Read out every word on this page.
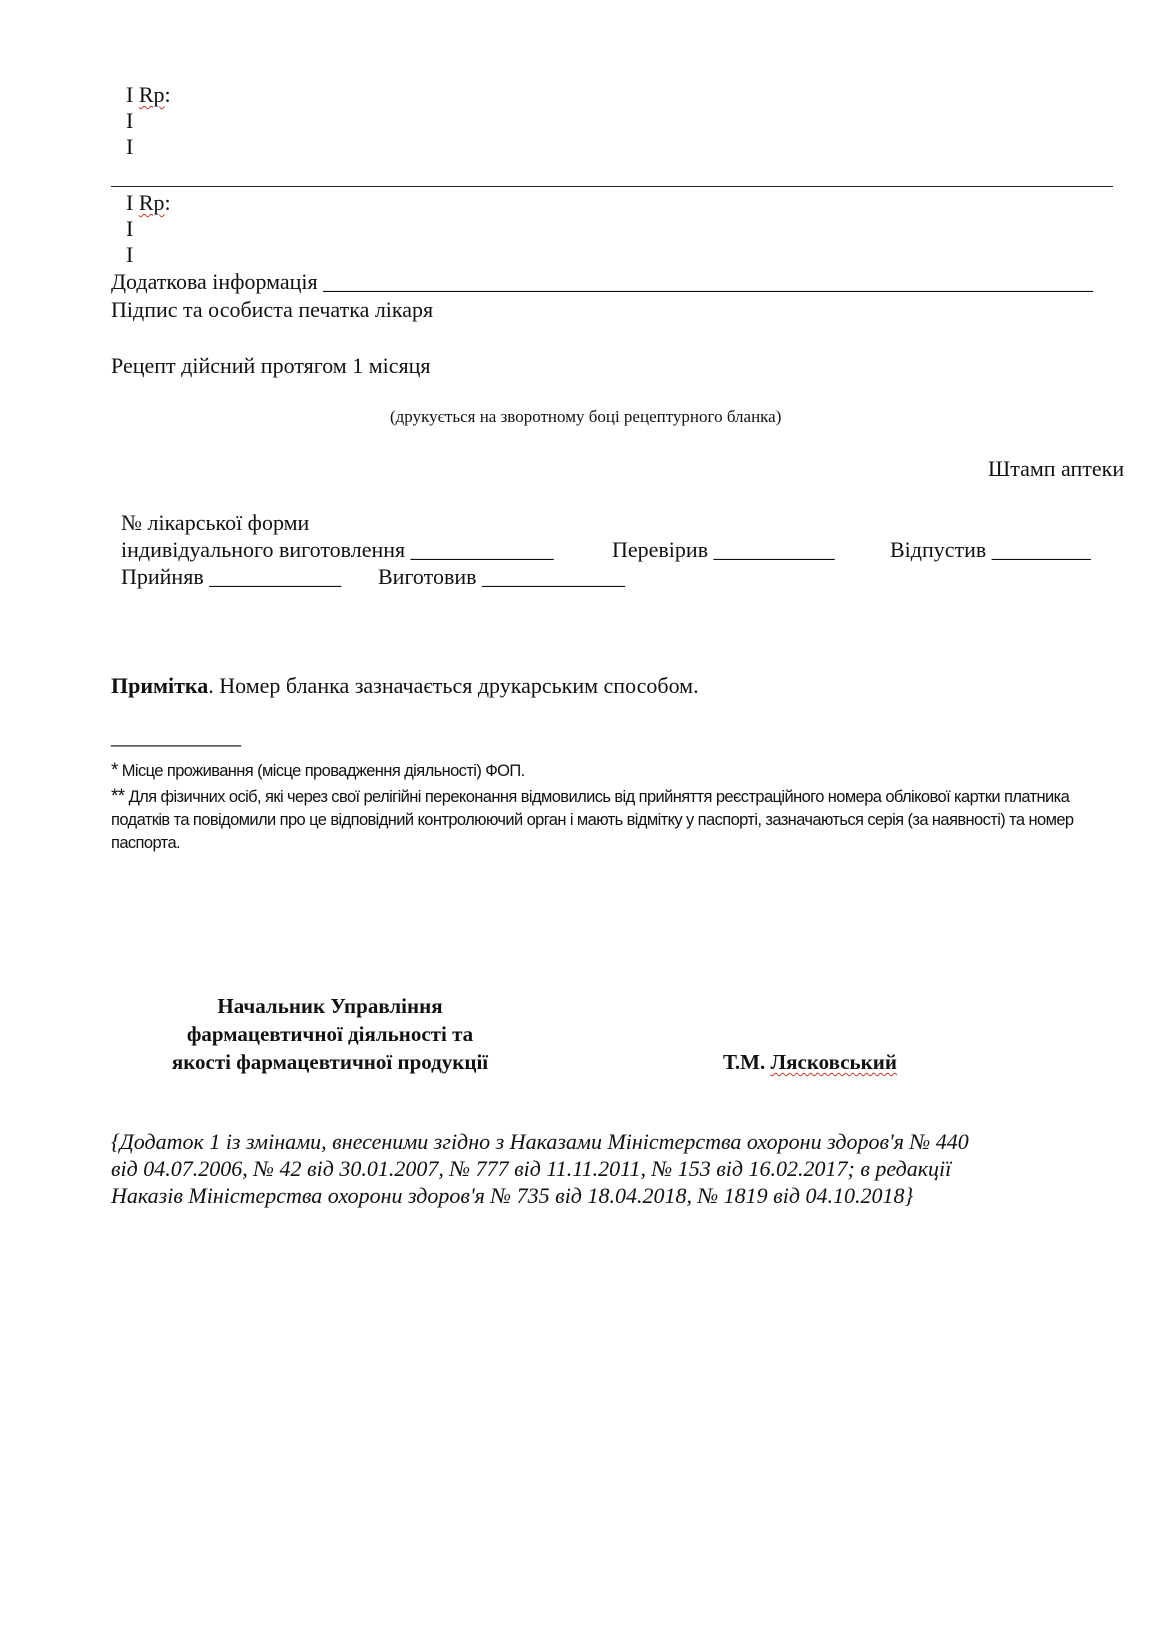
I Rp:
I
I
I Rp:
I
I
Додаткова інформація ______________________________________________________________________
Підпис та особиста печатка лікаря
Рецепт дійсний протягом 1 місяця
(друкується на зворотному боці рецептурного бланка)
Штамп аптеки
№ лікарської форми
індивідуального виготовлення _____________	Перевірив ___________	Відпустив _________
Прийняв ____________ Виготовив _____________
Примітка. Номер бланка зазначається друкарським способом.
_____________
* Місце проживання (місце провадження діяльності) ФОП.
** Для фізичних осіб, які через свої релігійні переконання відмовились від прийняття реєстраційного номера облікової картки платника податків та повідомили про це відповідний контролюючий орган і мають відмітку у паспорті, зазначаються серія (за наявності) та номер паспорта.
Начальник Управління
фармацевтичної діяльності та
якості фармацевтичної продукції	Т.М. Лясковський
{Додаток 1 із змінами, внесеними згідно з Наказами Міністерства охорони здоров'я № 440
від 04.07.2006, № 42 від 30.01.2007, № 777 від 11.11.2011, № 153 від 16.02.2017; в редакції
Наказів Міністерства охорони здоров'я № 735 від 18.04.2018, № 1819 від 04.10.2018}
